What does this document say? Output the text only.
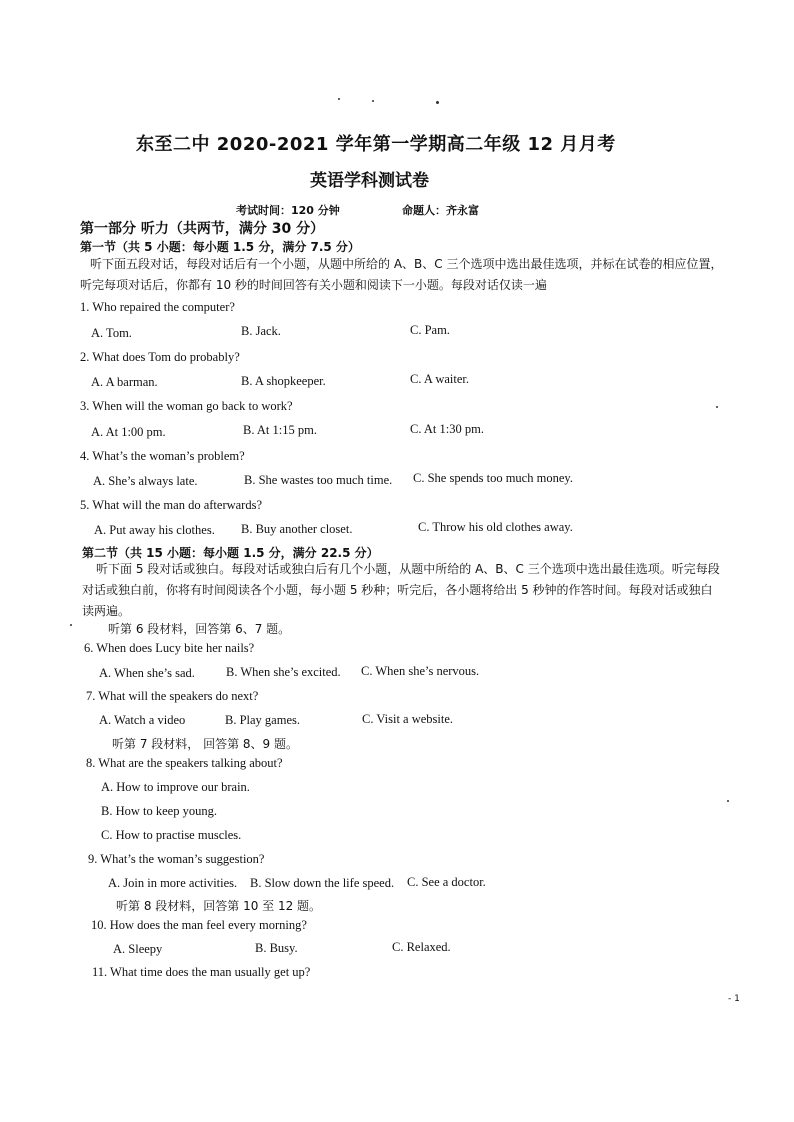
东至二中 2020-2021 学年第一学期高二年级 12 月月考
英语学科测试卷
考试时间：120 分钟	命题人：齐永富
第一部分 听力（共两节，满分 30 分）
第一节（共 5 小题：每小题 1.5 分，满分 7.5 分）
听下面五段对话，每段对话后有一个小题，从题中所给的 A、B、C 三个选项中选出最佳选项，并标在试卷的相应位置，听完每项对话后，你都有 10 秒的时间回答有关小题和阅读下一小题。每段对话仅读一遍
1. Who repaired the computer?
A. Tom.	B. Jack.	C. Pam.
2. What does Tom do probably?
A. A barman.	B. A shopkeeper.	C. A waiter.
3. When will the woman go back to work?
A. At 1:00 pm.	B. At 1:15 pm.	C. At 1:30 pm.
4. What’s the woman’s problem?
A. She’s always late.	B. She wastes too much time. C. She spends too much money.
5. What will the man do afterwards?
A. Put away his clothes. B. Buy another closet.	C. Throw his old clothes away.
第二节（共 15 小题：每小题 1.5 分，满分 22.5 分）
听下面 5 段对话或独白。每段对话或独白后有几个小题，从题中所给的 A、B、C 三个选项中选出最佳选项。听完每段对话或独白前，你将有时间阅读各个小题，每小题 5 秒种；听完后，各小题将给出 5 秒钟的作答时间。每段对话或独白读两遍。
听第 6 段材料，回答第 6、7 题。
6. When does Lucy bite her nails?
A. When she’s sad. B. When she’s excited. C. When she’s nervous.
7. What will the speakers do next?
A. Watch a video	B. Play games.	C. Visit a website.
听第 7 段材料， 回答第 8、9 题。
8. What are the speakers talking about?
A. How to improve our brain.
B. How to keep young.
C. How to practise muscles.
9. What’s the woman’s suggestion?
A. Join in more activities. B. Slow down the life speed. C. See a doctor.
听第 8 段材料，回答第 10 至 12 题。
10. How does the man feel every morning?
A. Sleepy	B. Busy.	C. Relaxed.
11. What time does the man usually get up?
- 1
